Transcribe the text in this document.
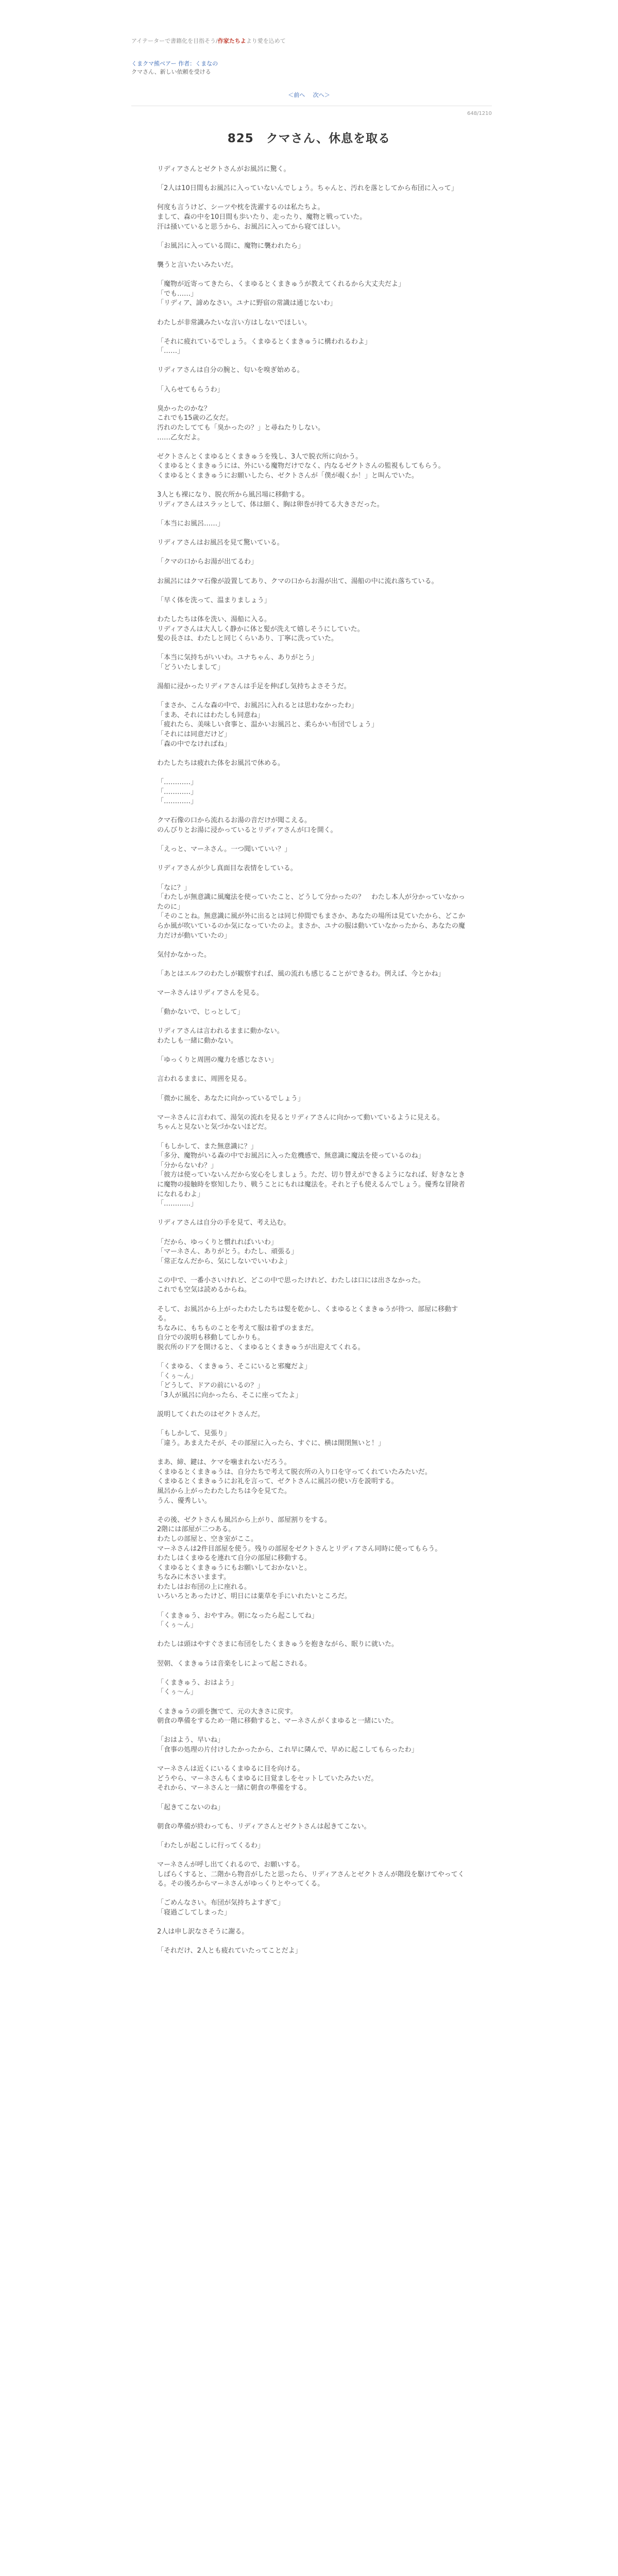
アイテーターで書籍化を目指そう/作家たちよより愛を込めて
くまクマ熊ベアー 作者：くまなの
クマさん、新しい依頼を受ける
＜前へ 次へ＞
648/1210
825　クマさん、休息を取る

リディアさんとゼクトさんがお風呂に驚く。

「2人は10日間もお風呂に入っていないんでしょう。ちゃんと、汚れを落としてから布団に入って」

何度も言うけど、シーツや枕を洗濯するのは私たちよ。
まして、森の中を10日間も歩いたり、走ったり、魔物と戦っていた。
汗は掻いていると思うから、お風呂に入ってから寝てほしい。

「お風呂に入っている間に、魔物に襲われたら」

襲うと言いたいみたいだ。

「魔物が近寄ってきたら、くまゆるとくまきゅうが教えてくれるから大丈夫だよ」
「でも……」
「リディア、諦めなさい。ユナに野宿の常識は通じないわ」

わたしが非常識みたいな言い方はしないでほしい。

「それに疲れているでしょう。くまゆるとくまきゅうに構われるわよ」
「……」

リディアさんは自分の腕と、匂いを嗅ぎ始める。

「入らせてもらうわ」

臭かったのかな？
これでも15歳の乙女だ。
汚れのたしてても「臭かったの？」と尋ねたりしない。
……乙女だよ。

ゼクトさんとくまゆるとくまきゅうを残し、3人で脱衣所に向かう。
くまゆるとくまきゅうには、外にいる魔物だけでなく、内なるゼクトさんの監視もしてもらう。
くまゆるとくまきゅうにお願いしたら、ゼクトさんが「僕が覗くか！」と叫んでいた。

3人とも裸になり、脱衣所から風呂場に移動する。
リディアさんはスラッとして、体は細く、胸は卵巻が持てる大きさだった。

「本当にお風呂……」

リディアさんはお風呂を見て驚いている。

「クマの口からお湯が出てるわ」

お風呂にはクマ石像が設置してあり、クマの口からお湯が出て、湯船の中に流れ落ちている。

「早く体を洗って、温まりましょう」

わたしたちは体を洗い、湯船に入る。
リディアさんは大人しく静かに体と髪が洗えて嬉しそうにしていた。
髪の長さは、わたしと同じくらいあり、丁寧に洗っていた。

「本当に気持ちがいいわ。ユナちゃん、ありがとう」
「どういたしまして」

湯船に浸かったリディアさんは手足を伸ばし気持ちよさそうだ。

「まさか、こんな森の中で、お風呂に入れるとは思わなかったわ」
「まあ、それにはわたしも同意ね」
「疲れたら、美味しい食事と、温かいお風呂と、柔らかい布団でしょう」
「それには同意だけど」
「森の中でなければね」

わたしたちは疲れた体をお風呂で休める。

「…………」
「…………」
「…………」

クマ石像の口から流れるお湯の音だけが聞こえる。
のんびりとお湯に浸かっているとリディアさんが口を開く。

「えっと、マーネさん。一つ聞いていい？」

リディアさんが少し真面目な表情をしている。

「なに？」
「わたしが無意識に風魔法を使っていたこと、どうして分かったの？　わたし本人が分かっていなかったのに」
「そのことね。無意識に風が外に出るとは同じ仲間でもまさか、あなたの場所は見ていたから、どこからか風が吹いているのか気になっていたのよ。まさか、ユナの服は動いていなかったから、あなたの魔力だけが動いていたの」

気付かなかった。

「あとはエルフのわたしが観察すれば、風の流れも感じることができるわ。例えば、今とかね」

マーネさんはリディアさんを見る。

「動かないで、じっとして」

リディアさんは言われるままに動かない。
わたしも一緒に動かない。

「ゆっくりと周囲の魔力を感じなさい」

言われるままに、周囲を見る。

「微かに風を、あなたに向かっているでしょう」

マーネさんに言われて、湯気の流れを見るとリディアさんに向かって動いているように見える。
ちゃんと見ないと気づかないほどだ。

「もしかして、また無意識に？」
「多分、魔物がいる森の中でお風呂に入った危機感で、無意識に魔法を使っているのね」
「分からないわ？」
「彼方は使っていないんだから安心をしましょう。ただ、切り替えができるようになれば、好きなときに魔物の接触時を察知したり、戦うことにもれは魔法を。それと子も使えるんでしょう。優秀な冒険者になれるわよ」
「…………」

リディアさんは自分の手を見て、考え込む。

「だから、ゆっくりと慣れればいいわ」
「マーネさん、ありがとう。わたし、頑張る」
「常正なんだから、気にしないでいいわよ」

この中で、一番小さいけれど、どこの中で思ったけれど、わたしは口には出さなかった。
これでも空気は読めるからね。

そして、お風呂から上がったわたしたちは髪を乾かし、くまゆるとくまきゅうが待つ、部屋に移動する。
ちなみに、もちものことを考えて服は着ずのままだ。
自分での説明も移動してしかりも。
脱衣所のドアを開けると、くまゆるとくまきゅうが出迎えてくれる。

「くまゆる、くまきゅう、そこにいると邪魔だよ」
「くぅ〜ん」
「どうして、ドアの前にいるの？」
「3人が風呂に向かったら、そこに座ってたよ」

説明してくれたのはゼクトさんだ。

「もしかして、見張り」
「違う。あまえたそが、その部屋に入ったら、すぐに、横は開閉無いと！」

まあ、締、鍵は、ケマを噛まれないだろう。
くまゆるとくまきゅうは、自分たちで考えて脱衣所の入り口を守ってくれていたみたいだ。
くまゆるとくまきゅうにお礼を言って、ゼクトさんに風呂の使い方を説明する。
風呂から上がったわたしたちは今を見てた。
うん、優秀しい。

その後、ゼクトさんも風呂から上がり、部屋割りをする。
2階には部屋が二つある。
わたしの部屋と、空き室がここ。
マーネさんは2件目部屋を使う。残りの部屋をゼクトさんとリディアさん同時に使ってもらう。
わたしはくまゆるを連れて自分の部屋に移動する。
くまゆるとくまきゅうにもお願いしておかないと。
ちなみに木さいまます。
わたしはお布団の上に座れる。
いろいろとあったけど、明日には薬草を手にいれたいところだ。

「くまきゅう、おやすみ。朝になったら起こしてね」
「くぅ〜ん」

わたしは頭はやすぐさまに布団をしたくまきゅうを抱きながら、眠りに就いた。

翌朝、くまきゅうは音楽をしによって起こされる。

「くまきゅう、おはよう」
「くぅ〜ん」

くまきゅうの頭を撫でて、元の大きさに戻す。
朝食の準備をするため一階に移動すると、マーネさんがくまゆると一緒にいた。

「おはよう、早いね」
「食事の処理の片付けしたかったから、これ早に隣んで、早めに起こしてもらったわ」

マーネさんは近くにいるくまゆるに目を向ける。
どうやら、マーネさんもくまゆるに目覚ましをセットしていたみたいだ。
それから、マーネさんと一緒に朝食の準備をする。

「起きてこないのね」

朝食の準備が終わっても、リディアさんとゼクトさんは起きてこない。

「わたしが起こしに行ってくるわ」

マーネさんが呼し出てくれるので、お願いする。
しばらくすると、二階から物音がしたと思ったら、リディアさんとゼクトさんが階段を駆けてやってくる。その後ろからマーネさんがゆっくりとやってくる。

「ごめんなさい。布団が気持ちよすぎて」
「寝過ごしてしまった」

2人は申し訳なさそうに謝る。

「それだけ、2人とも疲れていたってことだよ」
